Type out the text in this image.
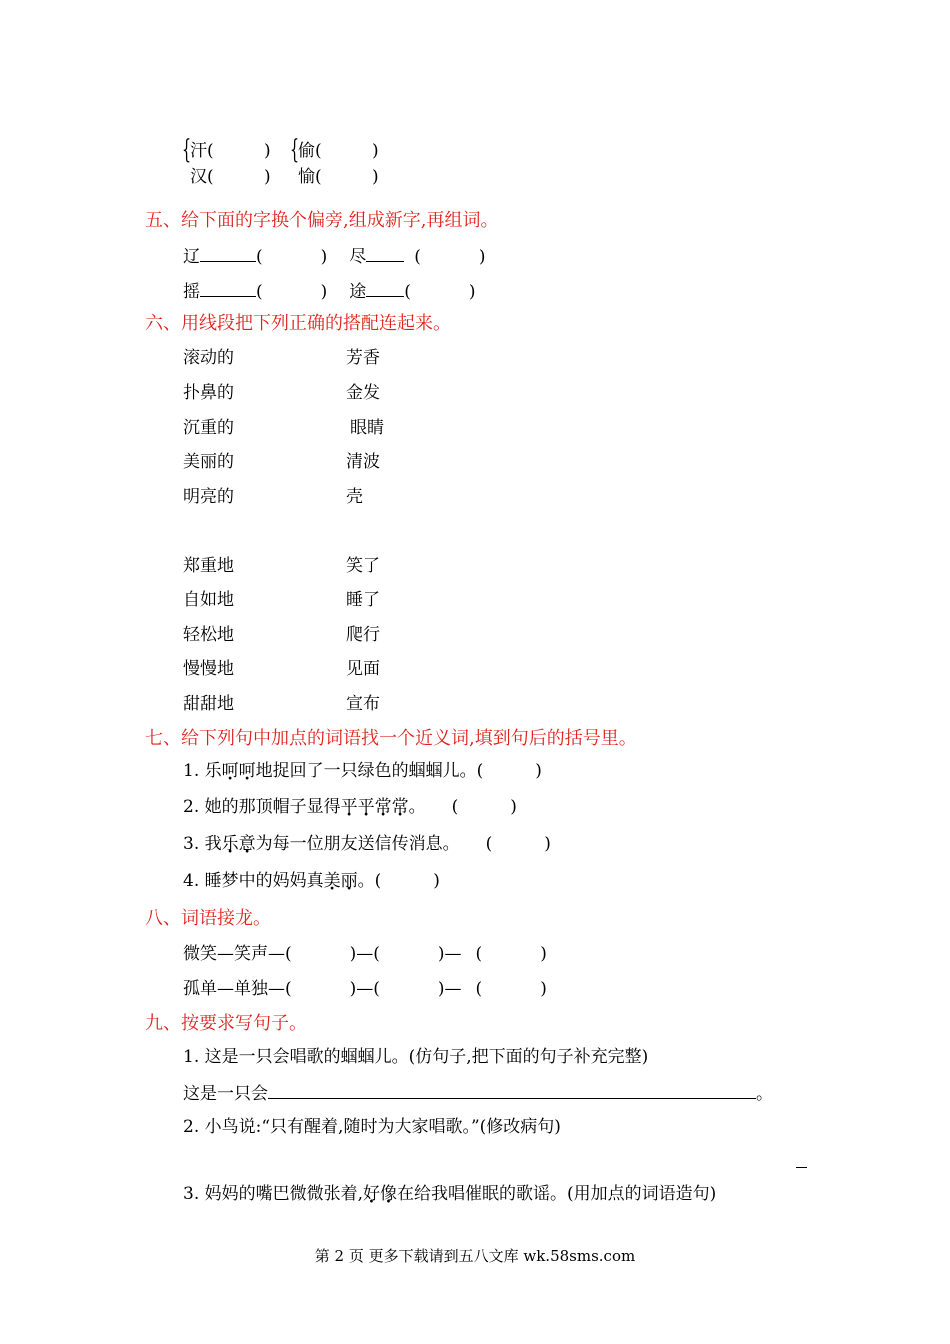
{
汗(	)
汉(	)
{
偷(	)
愉(	)
五、给下面的字换个偏旁,组成新字,再组词。
辽	(	) 尽	(	)
摇	(	) 途 (	)
六、用线段把下列正确的搭配连起来。
滚动的	芳香
扑鼻的	金发
沉重的	眼睛
美丽的	清波
明亮的	壳
郑重地	笑了
自如地	睡了
轻松地	爬行
慢慢地	见面
甜甜地	宣布
七、给下列句中加点的词语找一个近义词,填到句后的括号里。
1. 乐呵呵地捉回了一只绿色的蝈蝈儿。(	)
2. 她的那顶帽子显得平平常常。 (	)
3. 我乐意为每一位朋友送信传消息。 (	)
4. 睡梦中的妈妈真美丽。(	)
八、词语接龙。
微笑—笑声—(	)—(	)— (	)
孤单—单独—(	)—(	)— (	)
九、按要求写句子。
1. 这是一只会唱歌的蝈蝈儿。(仿句子,把下面的句子补充完整)
这是一只会	。
2. 小鸟说:“只有醒着,随时为大家唱歌。”(修改病句)
3. 妈妈的嘴巴微微张着,好像在给我唱催眠的歌谣。(用加点的词语造句)
第 2 页 更多下载请到五八文库 wk.58sms.com
